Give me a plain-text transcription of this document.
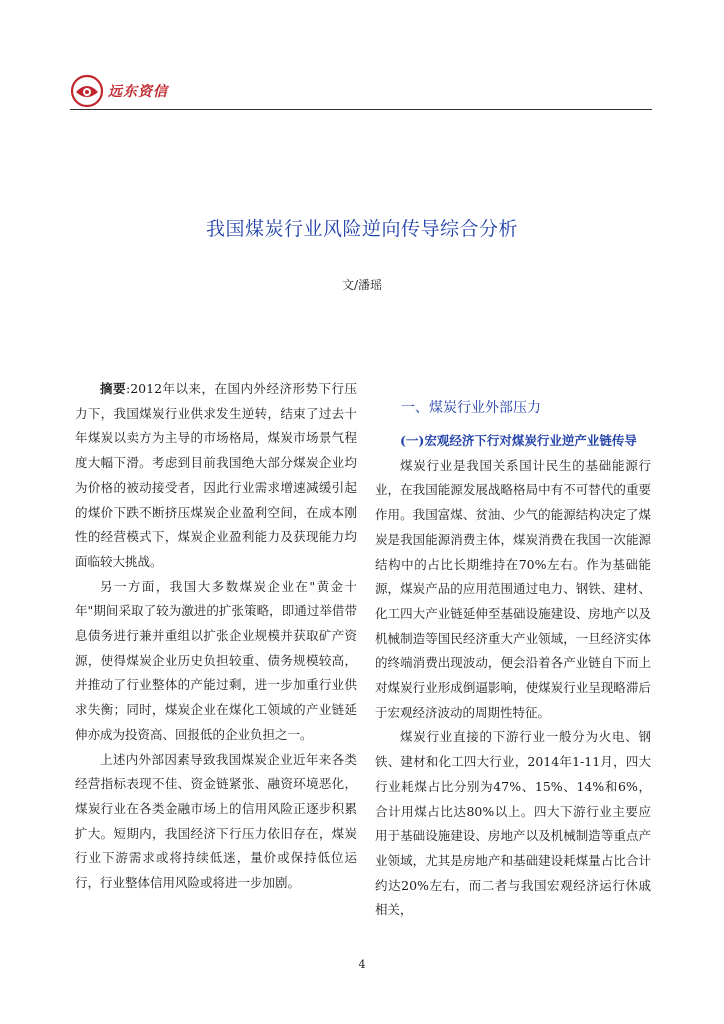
远东资信
我国煤炭行业风险逆向传导综合分析
文/潘瑶

摘要:2012年以来，在国内外经济形势下行压力下，我国煤炭行业供求发生逆转，结束了过去十年煤炭以卖方为主导的市场格局，煤炭市场景气程度大幅下滑。考虑到目前我国绝大部分煤炭企业均为价格的被动接受者，因此行业需求增速减缓引起的煤价下跌不断挤压煤炭企业盈利空间，在成本刚性的经营模式下，煤炭企业盈利能力及获现能力均面临较大挑战。

另一方面，我国大多数煤炭企业在"黄金十年"期间采取了较为激进的扩张策略，即通过举借带息债务进行兼并重组以扩张企业规模并获取矿产资源，使得煤炭企业历史负担较重、债务规模较高，并推动了行业整体的产能过剩，进一步加重行业供求失衡；同时，煤炭企业在煤化工领域的产业链延伸亦成为投资高、回报低的企业负担之一。

上述内外部因素导致我国煤炭企业近年来各类经营指标表现不佳、资金链紧张、融资环境恶化，煤炭行业在各类金融市场上的信用风险正逐步积累扩大。短期内，我国经济下行压力依旧存在，煤炭行业下游需求或将持续低迷，量价或保持低位运行，行业整体信用风险或将进一步加剧。

一、煤炭行业外部压力

(一)宏观经济下行对煤炭行业逆产业链传导

煤炭行业是我国关系国计民生的基础能源行业，在我国能源发展战略格局中有不可替代的重要作用。我国富煤、贫油、少气的能源结构决定了煤炭是我国能源消费主体，煤炭消费在我国一次能源结构中的占比长期维持在70%左右。作为基础能源，煤炭产品的应用范围通过电力、钢铁、建材、化工四大产业链延伸至基础设施建设、房地产以及机械制造等国民经济重大产业领域，一旦经济实体的终端消费出现波动，便会沿着各产业链自下而上对煤炭行业形成倒逼影响，使煤炭行业呈现略滞后于宏观经济波动的周期性特征。

煤炭行业直接的下游行业一般分为火电、钢铁、建材和化工四大行业，2014年1-11月，四大行业耗煤占比分别为47%、15%、14%和6%，合计用煤占比达80%以上。四大下游行业主要应用于基础设施建设、房地产以及机械制造等重点产业领域，尤其是房地产和基础建设耗煤量占比合计约达20%左右，而二者与我国宏观经济运行休戚相关，

4
